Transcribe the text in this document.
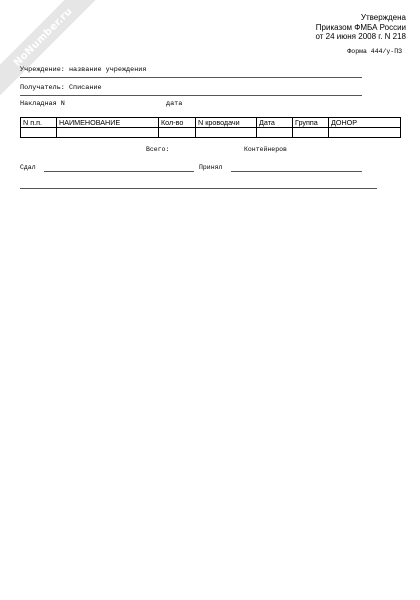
NoNumber.ru	Утверждена
Приказом ФМБА России
от 24 июня 2008 г. N 218
Форма 444/у-ПЗ
Учреждение: название учреждения
Получатель: Списание
Накладная N	дата
N п.п.	НАИМЕНОВАНИЕ	Кол-во	N кроводачи	Дата	Группа	ДОНОР

Всего:	Контейнеров
Сдал	Принял
